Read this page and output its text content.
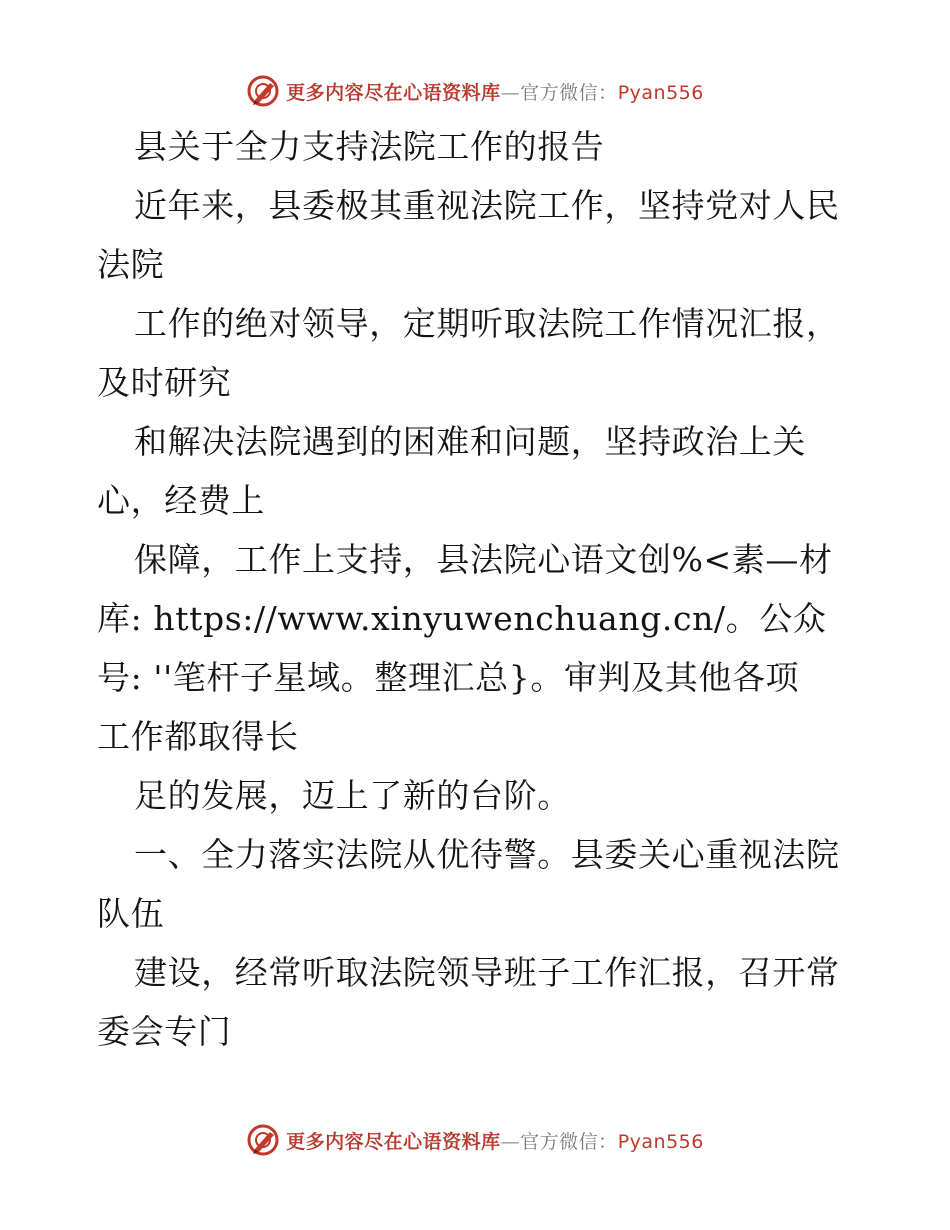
更多内容尽在心语资料库—官方微信：Pyan556
县关于全力支持法院工作的报告
近年来，县委极其重视法院工作，坚持党对人民
法院
工作的绝对领导，定期听取法院工作情况汇报，
及时研究
和解决法院遇到的困难和问题，坚持政治上关
心，经费上
保障，工作上支持，县法院心语文创%<素—材
库: https://www.xinyuwenchuang.cn/。公众
号: ''笔杆子星域。整理汇总}。审判及其他各项
工作都取得长
足的发展，迈上了新的台阶。
一、全力落实法院从优待警。县委关心重视法院
队伍
建设，经常听取法院领导班子工作汇报，召开常
委会专门
更多内容尽在心语资料库—官方微信：Pyan556
